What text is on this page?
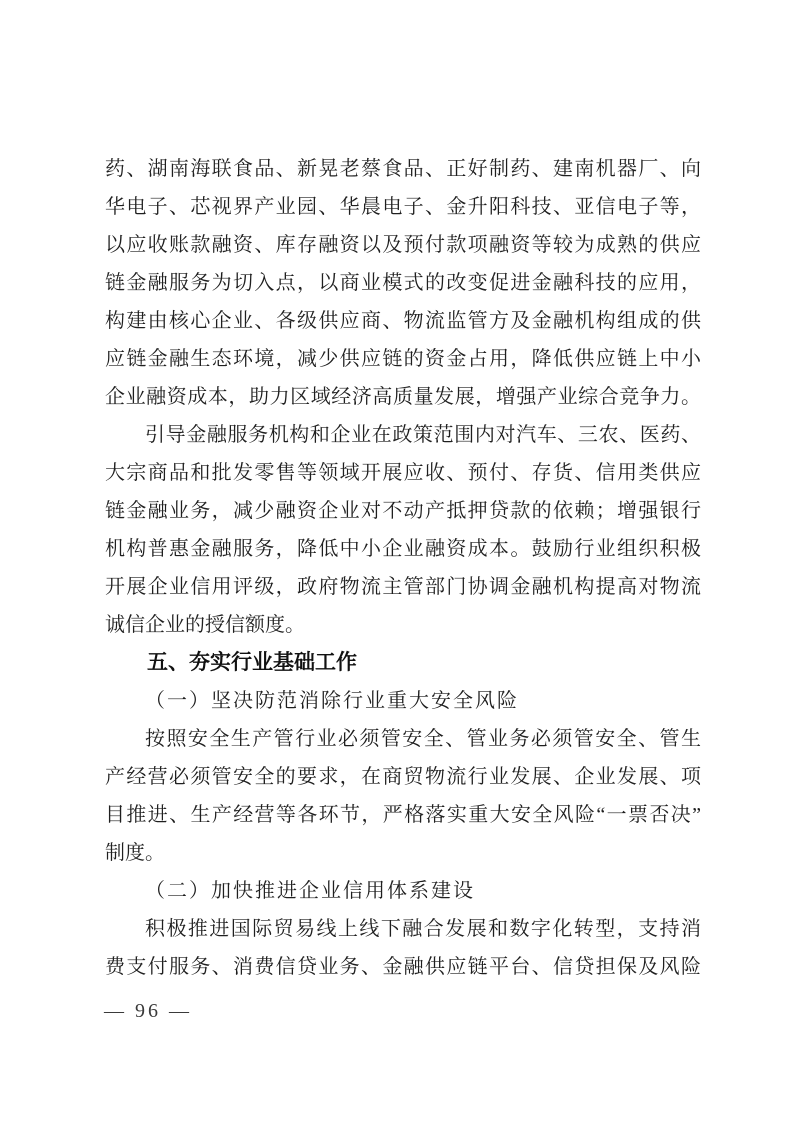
药、湖南海联食品、新晃老蔡食品、正好制药、建南机器厂、向
华电子、芯视界产业园、华晨电子、金升阳科技、亚信电子等，
以应收账款融资、库存融资以及预付款项融资等较为成熟的供应
链金融服务为切入点，以商业模式的改变促进金融科技的应用，
构建由核心企业、各级供应商、物流监管方及金融机构组成的供
应链金融生态环境，减少供应链的资金占用，降低供应链上中小
企业融资成本，助力区域经济高质量发展，增强产业综合竞争力。
引导金融服务机构和企业在政策范围内对汽车、三农、医药、
大宗商品和批发零售等领域开展应收、预付、存货、信用类供应
链金融业务，减少融资企业对不动产抵押贷款的依赖；增强银行
机构普惠金融服务，降低中小企业融资成本。鼓励行业组织积极
开展企业信用评级，政府物流主管部门协调金融机构提高对物流
诚信企业的授信额度。
五、夯实行业基础工作
（一）坚决防范消除行业重大安全风险
按照安全生产管行业必须管安全、管业务必须管安全、管生
产经营必须管安全的要求，在商贸物流行业发展、企业发展、项
目推进、生产经营等各环节，严格落实重大安全风险“一票否决”
制度。
（二）加快推进企业信用体系建设
积极推进国际贸易线上线下融合发展和数字化转型，支持消
费支付服务、消费信贷业务、金融供应链平台、信贷担保及风险
— 96 —
